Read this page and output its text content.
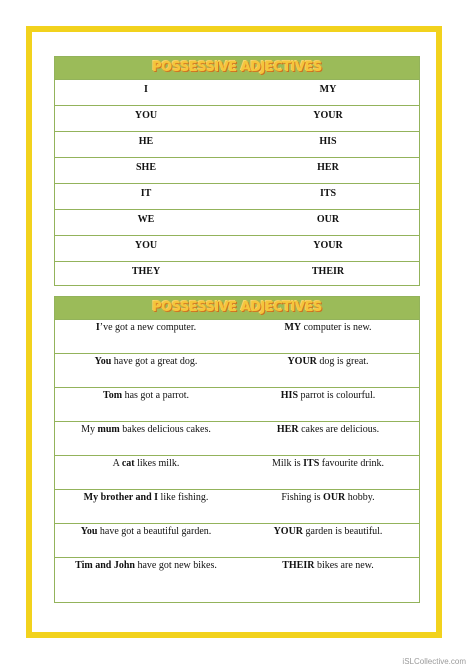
POSSESSIVE ADJECTIVES
I	MY
YOU	YOUR
HE	HIS
SHE	HER
IT	ITS
WE	OUR
YOU	YOUR
THEY	THEIR
POSSESSIVE ADJECTIVES
I’ve got a new computer.	MY computer is new.
You have got a great dog.	YOUR dog is great.
Tom has got a parrot.	HIS parrot is colourful.
My mum bakes delicious cakes.	HER cakes are delicious.
A cat likes milk.	Milk is ITS favourite drink.
My brother and I like fishing.	Fishing is OUR hobby.
You have got a beautiful garden.	YOUR garden is beautiful.
Tim and John have got new bikes.	THEIR bikes are new.
iSLCollective.com
